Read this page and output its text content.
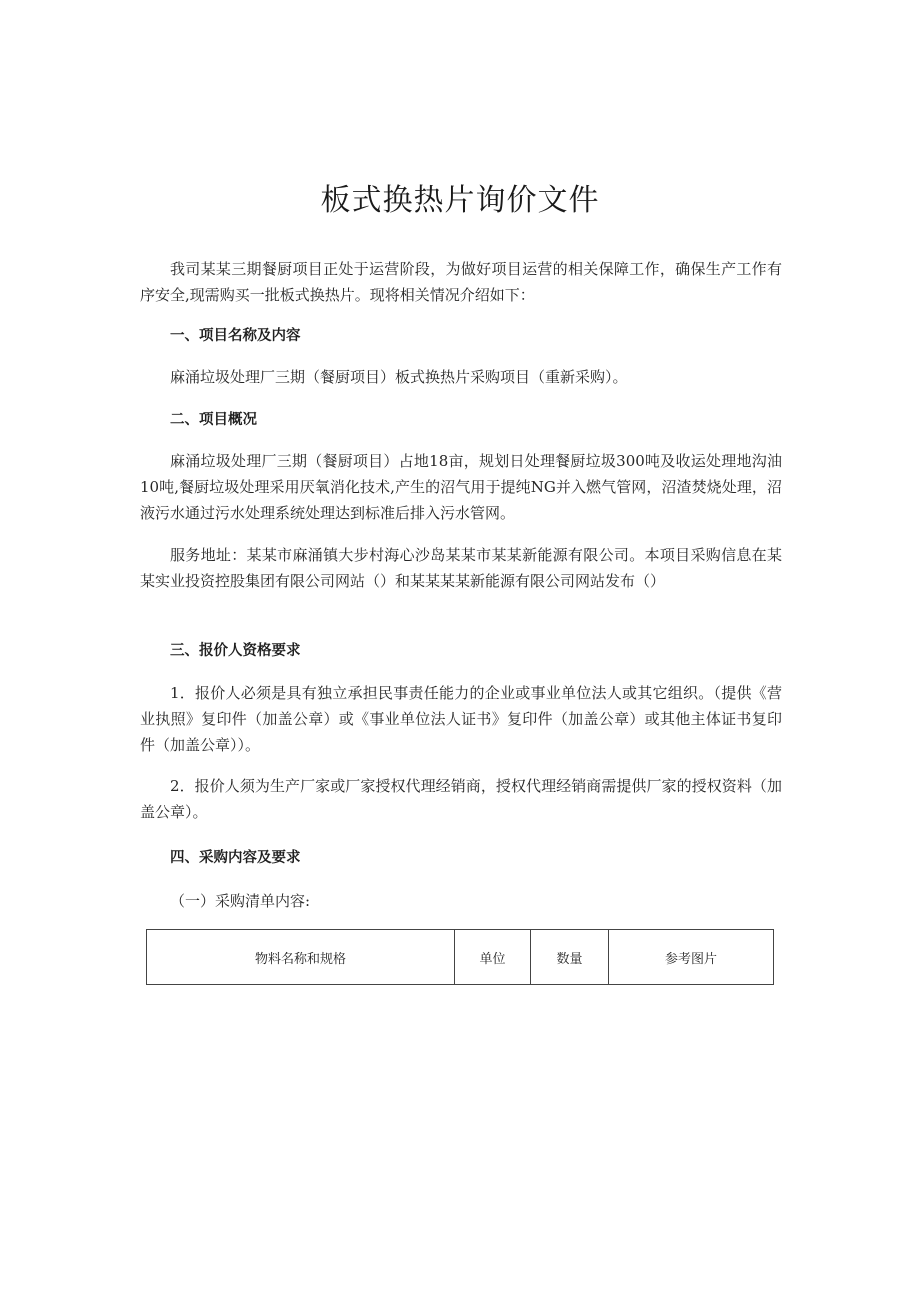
板式换热片询价文件
我司某某三期餐厨项目正处于运营阶段，为做好项目运营的相关保障工作，确保生产工作有序安全,现需购买一批板式换热片。现将相关情况介绍如下：
一、项目名称及内容
麻涌垃圾处理厂三期（餐厨项目）板式换热片采购项目（重新采购）。
二、项目概况
麻涌垃圾处理厂三期（餐厨项目）占地18亩，规划日处理餐厨垃圾300吨及收运处理地沟油10吨,餐厨垃圾处理采用厌氧消化技术,产生的沼气用于提纯NG并入燃气管网，沼渣焚烧处理，沼液污水通过污水处理系统处理达到标准后排入污水管网。
服务地址：某某市麻涌镇大步村海心沙岛某某市某某新能源有限公司。本项目采购信息在某某实业投资控股集团有限公司网站（）和某某某某新能源有限公司网站发布（）
三、报价人资格要求
1．报价人必须是具有独立承担民事责任能力的企业或事业单位法人或其它组织。（提供《营业执照》复印件（加盖公章）或《事业单位法人证书》复印件（加盖公章）或其他主体证书复印件（加盖公章））。
2．报价人须为生产厂家或厂家授权代理经销商，授权代理经销商需提供厂家的授权资料（加盖公章）。
四、采购内容及要求
（一）采购清单内容:
物料名称和规格	单位	数量	参考图片
